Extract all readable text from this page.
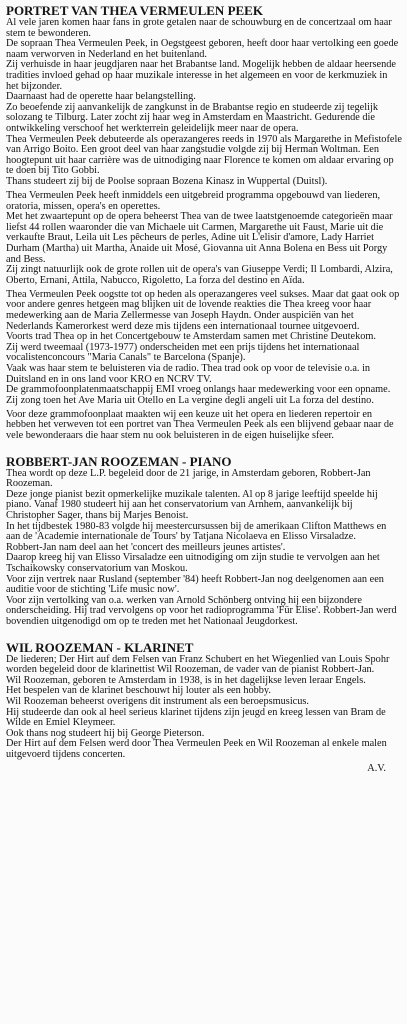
PORTRET VAN THEA VERMEULEN PEEK

Al vele jaren komen haar fans in grote getalen naar de schouwburg en de concertzaal om haar stem te bewonderen.

De sopraan Thea Vermeulen Peek, in Oegstgeest geboren, heeft door haar vertolking een goede naam verworven in Nederland en het buitenland.

Zij verhuisde in haar jeugdjaren naar het Brabantse land. Mogelijk hebben de aldaar heersende tradities invloed gehad op haar muzikale interesse in het algemeen en voor de kerkmuziek in het bijzonder.

Daarnaast had de operette haar belangstelling.

Zo beoefende zij aanvankelijk de zangkunst in de Brabantse regio en studeerde zij tegelijk solozang te Tilburg. Later zocht zij haar weg in Amsterdam en Maastricht. Gedurende die ontwikkeling verschoof het werkterrein geleidelijk meer naar de opera.

Thea Vermeulen Peek debuteerde als operazangeres reeds in 1970 als Margarethe in Mefistofele van Arrigo Boito. Een groot deel van haar zangstudie volgde zij bij Herman Woltman. Een hoogtepunt uit haar carrière was de uitnodiging naar Florence te komen om aldaar ervaring op te doen bij Tito Gobbi.

Thans studeert zij bij de Poolse sopraan Bozena Kinasz in Wuppertal (Duitsl).

Thea Vermeulen Peek heeft inmiddels een uitgebreid programma opgebouwd van liederen, oratoria, missen, opera's en operettes.

Met het zwaartepunt op de opera beheerst Thea van de twee laatstgenoemde categorieën maar liefst 44 rollen waaronder die van Michaele uit Carmen, Margarethe uit Faust, Marie uit die verkaufte Braut, Leila uit Les pêcheurs de perles, Adine uit L'elisir d'amore, Lady Harriet Durham (Martha) uit Martha, Anaide uit Mosé, Giovanna uit Anna Bolena en Bess uit Porgy and Bess.

Zij zingt natuurlijk ook de grote rollen uit de opera's van Giuseppe Verdi; Il Lombardi, Alzira, Oberto, Ernani, Attila, Nabucco, Rigoletto, La forza del destino en Aïda.

Thea Vermeulen Peek oogstte tot op heden als operazangeres veel sukses. Maar dat gaat ook op voor andere genres hetgeen mag blijken uit de lovende reakties die Thea kreeg voor haar medewerking aan de Maria Zellermesse van Joseph Haydn. Onder auspiciën van het Nederlands Kamerorkest werd deze mis tijdens een internationaal tournee uitgevoerd.

Voorts trad Thea op in het Concertgebouw te Amsterdam samen met Christine Deutekom.

Zij werd tweemaal (1973-1977) onderscheiden met een prijs tijdens het internationaal vocalistenconcours "Maria Canals" te Barcelona (Spanje).

Vaak was haar stem te beluisteren via de radio. Thea trad ook op voor de televisie o.a. in Duitsland en in ons land voor KRO en NCRV TV.

De grammofoonplatenmaatschappij EMI vroeg onlangs haar medewerking voor een opname. Zij zong toen het Ave Maria uit Otello en La vergine degli angeli uit La forza del destino.

Voor deze grammofoonplaat maakten wij een keuze uit het opera en liederen repertoir en hebben het verweven tot een portret van Thea Vermeulen Peek als een blijvend gebaar naar de vele bewonderaars die haar stem nu ook beluisteren in de eigen huiselijke sfeer.

ROBBERT-JAN ROOZEMAN - PIANO

Thea wordt op deze L.P. begeleid door de 21 jarige, in Amsterdam geboren, Robbert-Jan Roozeman.

Deze jonge pianist bezit opmerkelijke muzikale talenten. Al op 8 jarige leeftijd speelde hij piano. Vanaf 1980 studeert hij aan het conservatorium van Arnhem, aanvankelijk bij Christopher Sager, thans bij Marjes Benoist.

In het tijdbestek 1980-83 volgde hij meestercursussen bij de amerikaan Clifton Matthews en aan de 'Academie internationale de Tours' by Tatjana Nicolaeva en Elisso Virsaladze.

Robbert-Jan nam deel aan het 'concert des meilleurs jeunes artistes'.

Daarop kreeg hij van Elisso Virsaladze een uitnodiging om zijn studie te vervolgen aan het Tschaikowsky conservatorium van Moskou.

Voor zijn vertrek naar Rusland (september '84) heeft Robbert-Jan nog deelgenomen aan een auditie voor de stichting 'Life music now'.

Voor zijn vertolking van o.a. werken van Arnold Schönberg ontving hij een bijzondere onderscheiding. Hij trad vervolgens op voor het radioprogramma 'Für Elise'. Robbert-Jan werd bovendien uitgenodigd om op te treden met het Nationaal Jeugdorkest.

WIL ROOZEMAN - KLARINET

De liederen; Der Hirt auf dem Felsen van Franz Schubert en het Wiegenlied van Louis Spohr worden begeleid door de klarinettist Wil Roozeman, de vader van de pianist Robbert-Jan.

Wil Roozeman, geboren te Amsterdam in 1938, is in het dagelijkse leven leraar Engels.

Het bespelen van de klarinet beschouwt hij louter als een hobby.

Wil Roozeman beheerst overigens dit instrument als een beroepsmusicus.

Hij studeerde dan ook al heel serieus klarinet tijdens zijn jeugd en kreeg lessen van Bram de Wilde en Emiel Kleymeer.

Ook thans nog studeert hij bij George Pieterson.

Der Hirt auf dem Felsen werd door Thea Vermeulen Peek en Wil Roozeman al enkele malen uitgevoerd tijdens concerten.

A.V.
